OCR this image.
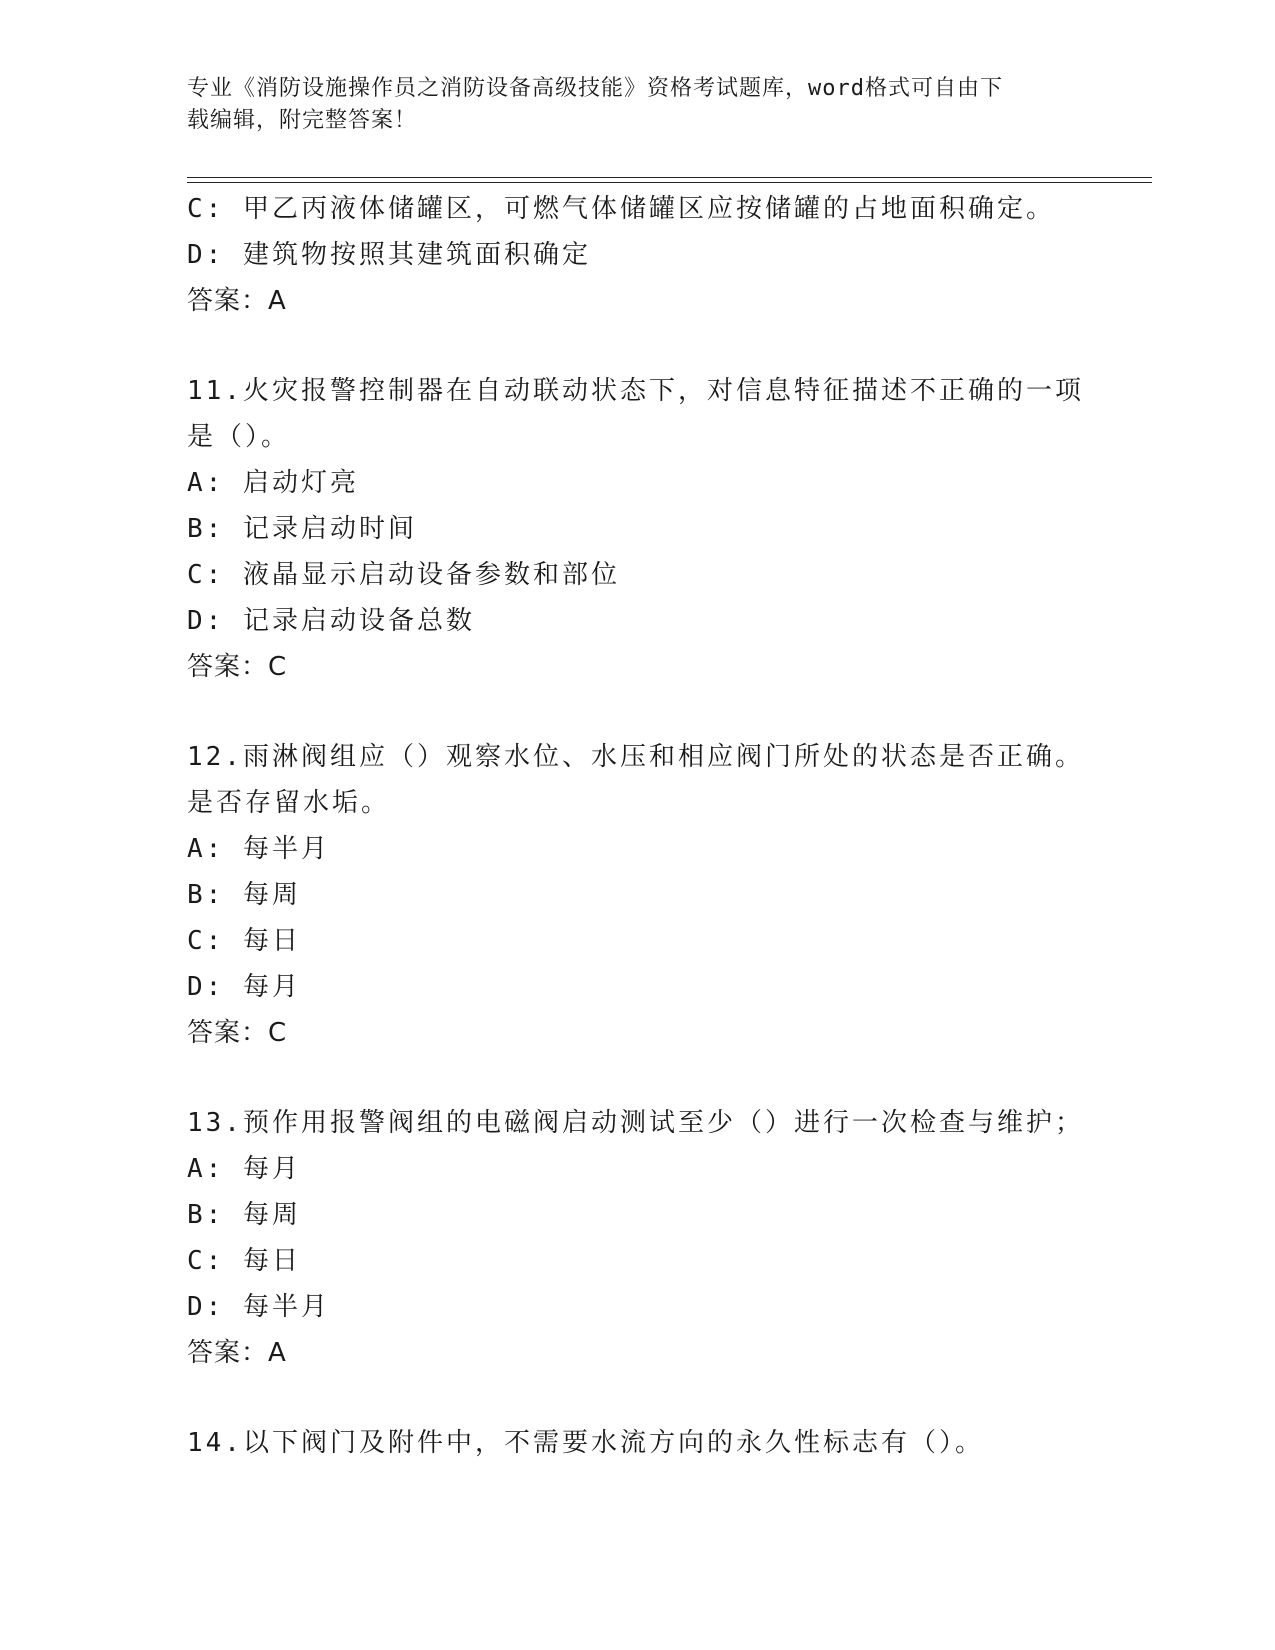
专业《消防设施操作员之消防设备高级技能》资格考试题库，word格式可自由下
载编辑，附完整答案！
C: 甲乙丙液体储罐区，可燃气体储罐区应按储罐的占地面积确定。
D: 建筑物按照其建筑面积确定
答案：A
11.火灾报警控制器在自动联动状态下，对信息特征描述不正确的一项
是（）。
A: 启动灯亮
B: 记录启动时间
C: 液晶显示启动设备参数和部位
D: 记录启动设备总数
答案：C
12.雨淋阀组应（）观察水位、水压和相应阀门所处的状态是否正确。
是否存留水垢。
A: 每半月
B: 每周
C: 每日
D: 每月
答案：C
13.预作用报警阀组的电磁阀启动测试至少（）进行一次检查与维护；
A: 每月
B: 每周
C: 每日
D: 每半月
答案：A
14.以下阀门及附件中，不需要水流方向的永久性标志有（）。
